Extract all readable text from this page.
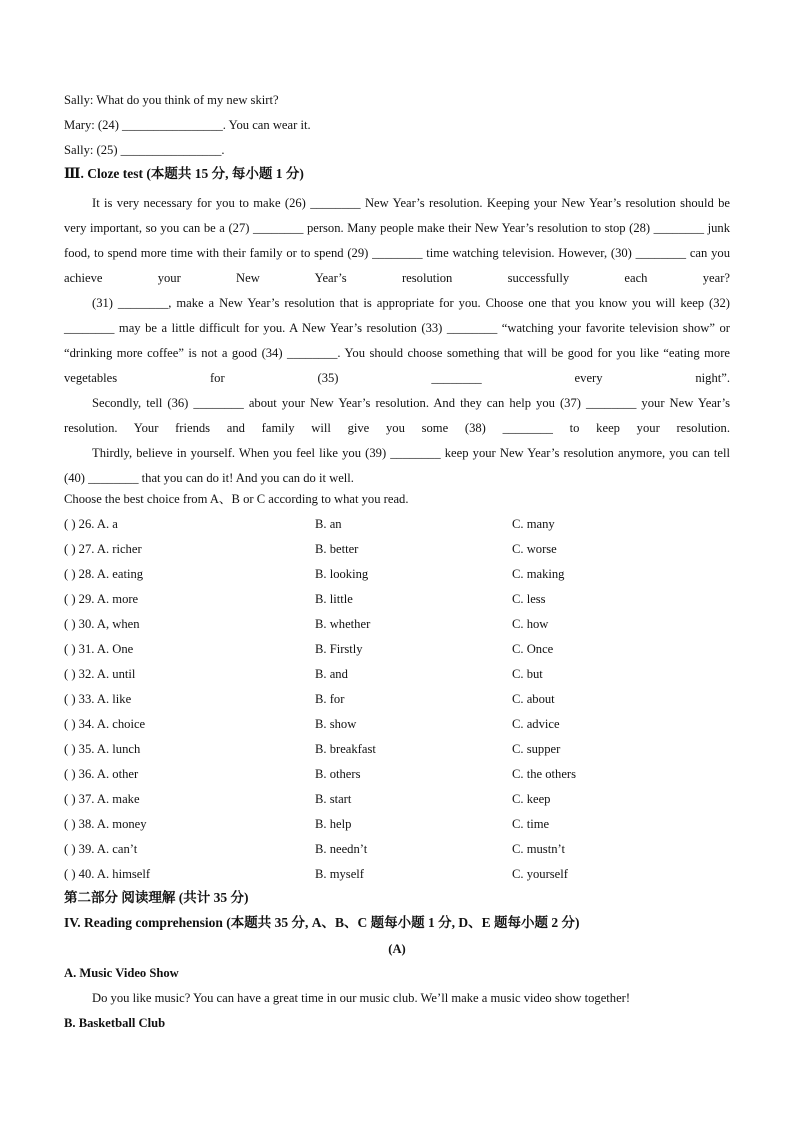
Sally: What do you think of my new skirt?
Mary: (24) ________________. You can wear it.
Sally: (25) ________________.
Ⅲ. Cloze test (本题共 15 分, 每小题 1 分)
It is very necessary for you to make (26) ________ New Year’s resolution. Keeping your New Year’s resolution should be very important, so you can be a (27) ________ person. Many people make their New Year’s resolution to stop (28) ________ junk food, to spend more time with their family or to spend (29) ________ time watching television. However, (30) ________ can you achieve your New Year’s resolution successfully each year?
(31) ________, make a New Year’s resolution that is appropriate for you. Choose one that you know you will keep (32) ________ may be a little difficult for you. A New Year’s resolution (33) ________ “watching your favorite television show” or “drinking more coffee” is not a good (34) ________. You should choose something that will be good for you like “eating more vegetables for (35) ________ every night”.
Secondly, tell (36) ________ about your New Year’s resolution. And they can help you (37) ________ your New Year’s resolution. Your friends and family will give you some (38) ________ to keep your resolution.
Thirdly, believe in yourself. When you feel like you (39) ________ keep your New Year’s resolution anymore, you can tell (40) ________ that you can do it! And you can do it well.
Choose the best choice from A、B or C according to what you read.
( ) 26. A. a	B. an	C. many
( ) 27. A. richer	B. better	C. worse
( ) 28. A. eating	B. looking	C. making
( ) 29. A. more	B. little	C. less
( ) 30. A, when	B. whether	C. how
( ) 31. A. One	B. Firstly	C. Once
( ) 32. A. until	B. and	C. but
( ) 33. A. like	B. for	C. about
( ) 34. A. choice	B. show	C. advice
( ) 35. A. lunch	B. breakfast	C. supper
( ) 36. A. other	B. others	C. the others
( ) 37. A. make	B. start	C. keep
( ) 38. A. money	B. help	C. time
( ) 39. A. can’t	B. needn’t	C. mustn’t
( ) 40. A. himself	B. myself	C. yourself
第二部分 阅读理解 (共计 35 分)
IV. Reading comprehension (本题共 35 分, A、B、C 题每小题 1 分, D、E 题每小题 2 分)
(A)
A. Music Video Show
Do you like music? You can have a great time in our music club. We’ll make a music video show together!
B. Basketball Club
